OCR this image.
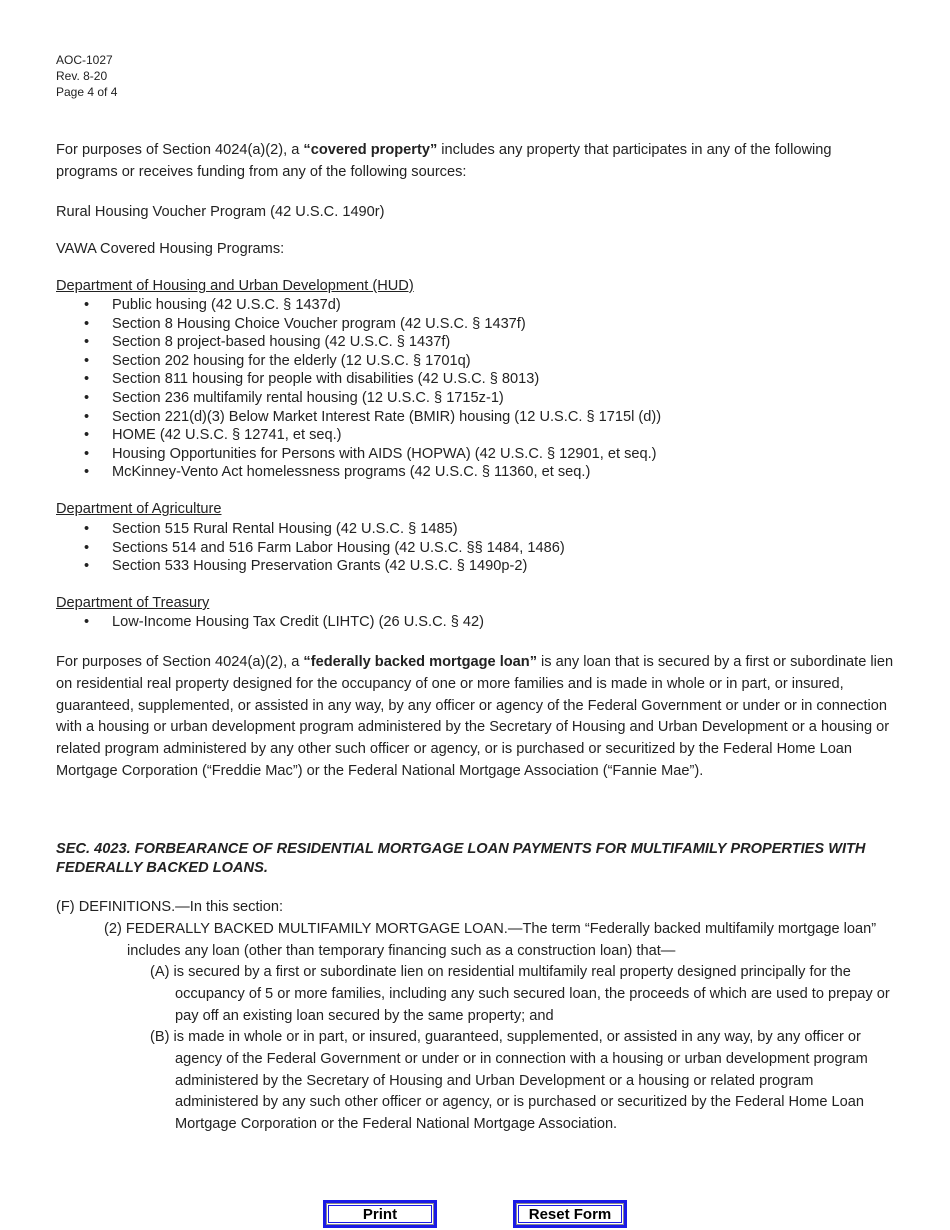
AOC-1027
Rev. 8-20
Page 4 of 4
For purposes of Section 4024(a)(2), a “covered property” includes any property that participates in any of the following programs or receives funding from any of the following sources:
Rural Housing Voucher Program (42 U.S.C. 1490r)
VAWA Covered Housing Programs:
Department of Housing and Urban Development (HUD)
• Public housing (42 U.S.C. § 1437d)
• Section 8 Housing Choice Voucher program (42 U.S.C. § 1437f)
• Section 8 project-based housing (42 U.S.C. § 1437f)
• Section 202 housing for the elderly (12 U.S.C. § 1701q)
• Section 811 housing for people with disabilities (42 U.S.C. § 8013)
• Section 236 multifamily rental housing (12 U.S.C. § 1715z-1)
• Section 221(d)(3) Below Market Interest Rate (BMIR) housing (12 U.S.C. § 1715l (d))
• HOME (42 U.S.C. § 12741, et seq.)
• Housing Opportunities for Persons with AIDS (HOPWA) (42 U.S.C. § 12901, et seq.)
• McKinney-Vento Act homelessness programs (42 U.S.C. § 11360, et seq.)
Department of Agriculture
• Section 515 Rural Rental Housing (42 U.S.C. § 1485)
• Sections 514 and 516 Farm Labor Housing (42 U.S.C. §§ 1484, 1486)
• Section 533 Housing Preservation Grants (42 U.S.C. § 1490p-2)
Department of Treasury
• Low-Income Housing Tax Credit (LIHTC) (26 U.S.C. § 42)
For purposes of Section 4024(a)(2), a “federally backed mortgage loan” is any loan that is secured by a first or subordinate lien on residential real property designed for the occupancy of one or more families and is made in whole or in part, or insured, guaranteed, supplemented, or assisted in any way, by any officer or agency of the Federal Government or under or in connection with a housing or urban development program administered by the Secretary of Housing and Urban Development or a housing or related program administered by any other such officer or agency, or is purchased or securitized by the Federal Home Loan Mortgage Corporation (“Freddie Mac”) or the Federal National Mortgage Association (“Fannie Mae”).
SEC. 4023. FORBEARANCE OF RESIDENTIAL MORTGAGE LOAN PAYMENTS FOR MULTIFAMILY PROPERTIES WITH FEDERALLY BACKED LOANS.
(F) DEFINITIONS.—In this section:
(2) FEDERALLY BACKED MULTIFAMILY MORTGAGE LOAN.—The term “Federally backed multifamily mortgage loan” includes any loan (other than temporary financing such as a construction loan) that—
(A) is secured by a first or subordinate lien on residential multifamily real property designed principally for the occupancy of 5 or more families, including any such secured loan, the proceeds of which are used to prepay or pay off an existing loan secured by the same property; and
(B) is made in whole or in part, or insured, guaranteed, supplemented, or assisted in any way, by any officer or agency of the Federal Government or under or in connection with a housing or urban development program administered by the Secretary of Housing and Urban Development or a housing or related program administered by any such other officer or agency, or is purchased or securitized by the Federal Home Loan Mortgage Corporation or the Federal National Mortgage Association.
Print	Reset Form
